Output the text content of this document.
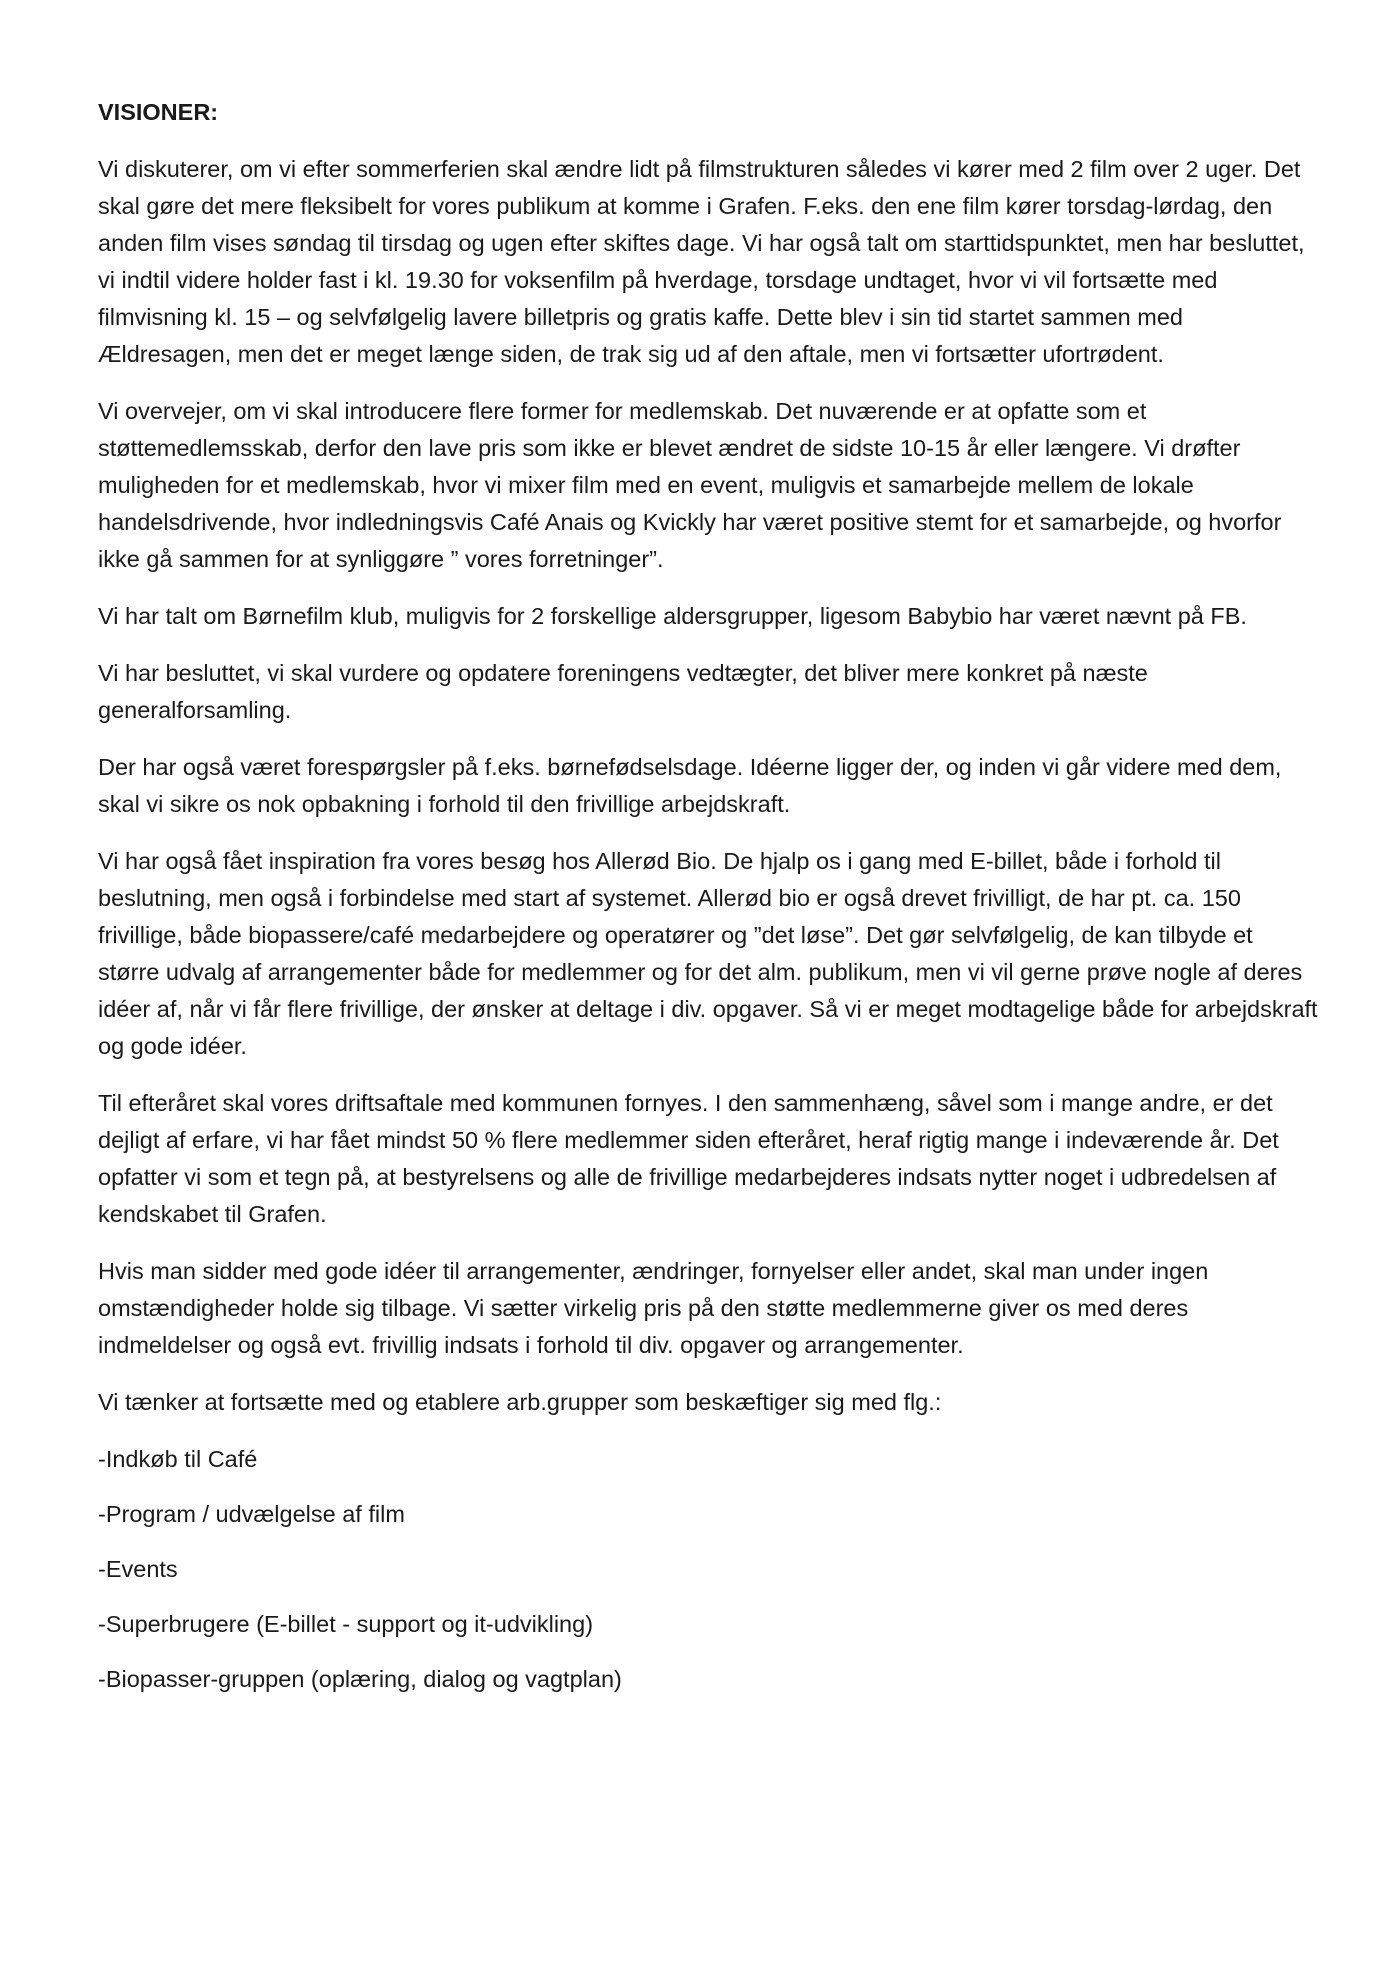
VISIONER:

Vi diskuterer, om vi efter sommerferien skal ændre lidt på filmstrukturen således vi kører med 2 film over 2 uger. Det skal gøre det mere fleksibelt for vores publikum at komme i Grafen. F.eks. den ene film kører torsdag-lørdag, den anden film vises søndag til tirsdag og ugen efter skiftes dage. Vi har også talt om starttidspunktet, men har besluttet, vi indtil videre holder fast i kl. 19.30 for voksenfilm på hverdage, torsdage undtaget, hvor vi vil fortsætte med filmvisning kl. 15 – og selvfølgelig lavere billetpris og gratis kaffe. Dette blev i sin tid startet sammen med Ældresagen, men det er meget længe siden, de trak sig ud af den aftale, men vi fortsætter ufortrødent.

Vi overvejer, om vi skal introducere flere former for medlemskab. Det nuværende er at opfatte som et støttemedlemsskab, derfor den lave pris som ikke er blevet ændret de sidste 10-15 år eller længere. Vi drøfter muligheden for et medlemskab, hvor vi mixer film med en event, muligvis et samarbejde mellem de lokale handelsdrivende, hvor indledningsvis Café Anais og Kvickly har været positive stemt for et samarbejde, og hvorfor ikke gå sammen for at synliggøre ” vores forretninger”.

Vi har talt om Børnefilm klub, muligvis for 2 forskellige aldersgrupper, ligesom Babybio har været nævnt på FB.

Vi har besluttet, vi skal vurdere og opdatere foreningens vedtægter, det bliver mere konkret på næste generalforsamling.

Der har også været forespørgsler på f.eks. børnefødselsdage. Idéerne ligger der, og inden vi går videre med dem, skal vi sikre os nok opbakning i forhold til den frivillige arbejdskraft.

Vi har også fået inspiration fra vores besøg hos Allerød Bio. De hjalp os i gang med E-billet, både i forhold til beslutning, men også i forbindelse med start af systemet. Allerød bio er også drevet frivilligt, de har pt. ca. 150 frivillige, både biopassere/café medarbejdere og operatører og ”det løse”. Det gør selvfølgelig, de kan tilbyde et større udvalg af arrangementer både for medlemmer og for det alm. publikum, men vi vil gerne prøve nogle af deres idéer af, når vi får flere frivillige, der ønsker at deltage i div. opgaver. Så vi er meget modtagelige både for arbejdskraft og gode idéer.

Til efteråret skal vores driftsaftale med kommunen fornyes. I den sammenhæng, såvel som i mange andre, er det dejligt af erfare, vi har fået mindst 50 % flere medlemmer siden efteråret, heraf rigtig mange i indeværende år. Det opfatter vi som et tegn på, at bestyrelsens og alle de frivillige medarbejderes indsats nytter noget i udbredelsen af kendskabet til Grafen.

Hvis man sidder med gode idéer til arrangementer, ændringer, fornyelser eller andet, skal man under ingen omstændigheder holde sig tilbage. Vi sætter virkelig pris på den støtte medlemmerne giver os med deres indmeldelser og også evt. frivillig indsats i forhold til div. opgaver og arrangementer.

Vi tænker at fortsætte med og etablere arb.grupper som beskæftiger sig med flg.:

-Indkøb til Café

-Program / udvælgelse af film

-Events

-Superbrugere (E-billet - support og it-udvikling)

-Biopasser-gruppen (oplæring, dialog og vagtplan)
